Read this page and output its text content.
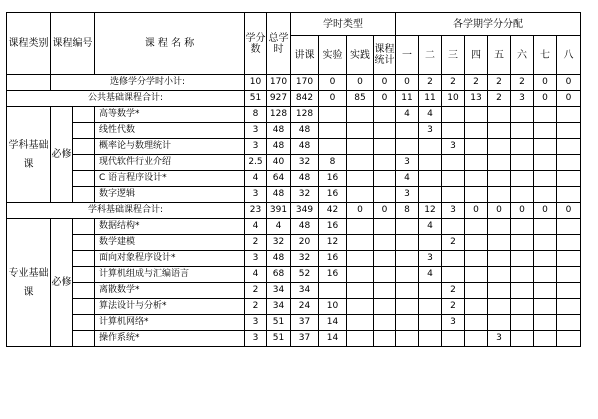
课程类别	课程编号		课 程 名 称	学分数	总学时	学时类型				各学期学分分配							
						讲课	实验	实践	课程统计	一	二	三	四	五	六	七	八
	选修学分学时小计:			10	170	170	0	0	0	0	2	2	2	2	2	0	0
公共基础课程合计:				51	927	842	0	85	0	11	11	10	13	2	3	0	0
学科基础课	必修		高等数学*	8	128	128				4	4						
			线性代数	3	48	48					3						
			概率论与数理统计	3	48	48						3					
			现代软件行业介绍	2.5	40	32	8			3							
			C 语言程序设计*	4	64	48	16			4							
			数字逻辑	3	48	32	16			3							
学科基础课程合计:				23	391	349	42	0	0	8	12	3	0	0	0	0	0
专业基础课	必修		数据结构*	4	4	48	16				4						
			数学建模	2	32	20	12					2					
			面向对象程序设计*	3	48	32	16				3						
			计算机组成与汇编语言	4	68	52	16				4						
			离散数学*	2	34	34						2					
			算法设计与分析*	2	34	24	10					2					
			计算机网络*	3	51	37	14					3					
			操作系统*	3	51	37	14							3			
